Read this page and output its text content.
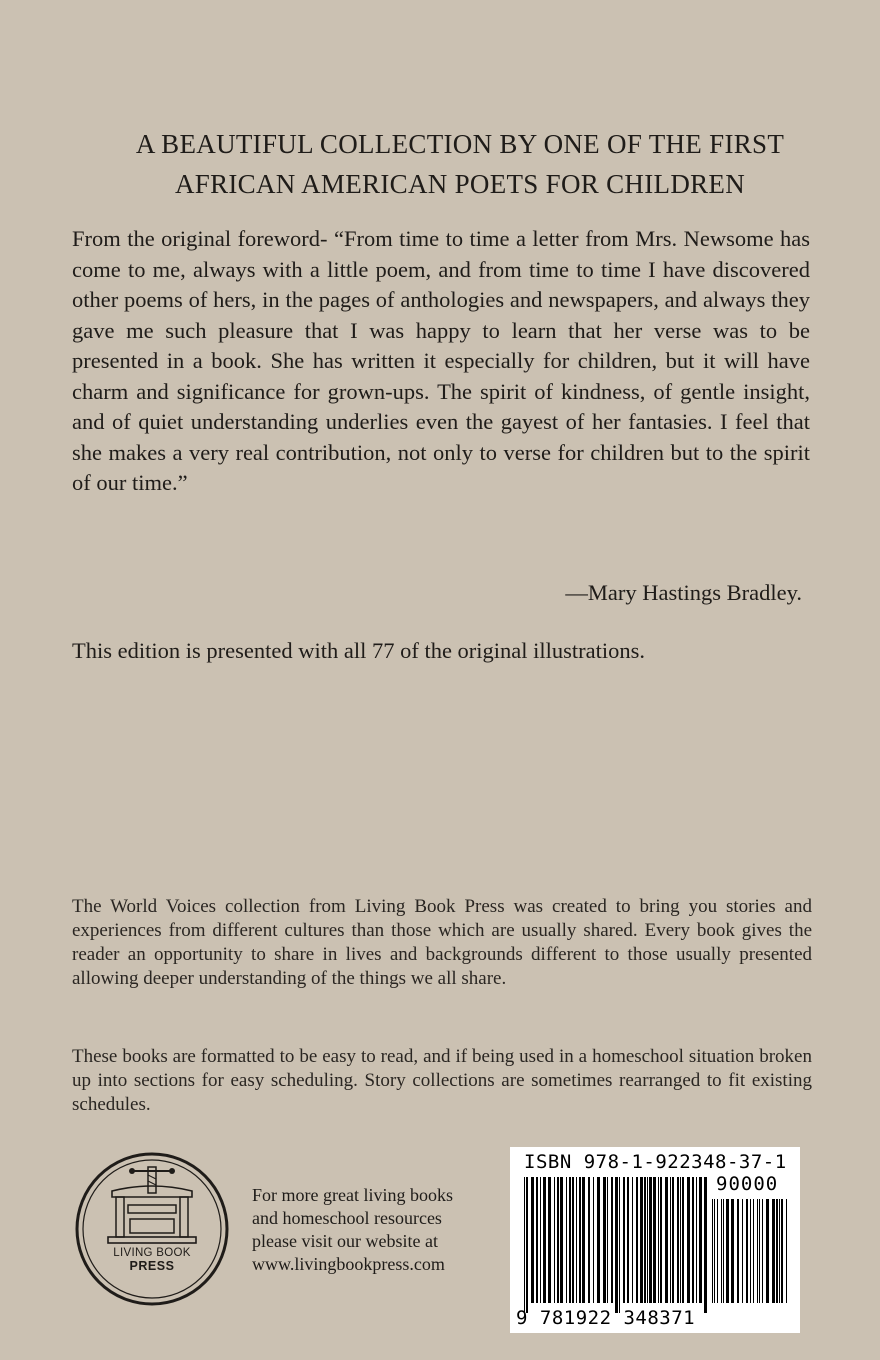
A BEAUTIFUL COLLECTION BY ONE OF THE FIRST
AFRICAN AMERICAN POETS FOR CHILDREN

From the original foreword- “From time to time a letter from Mrs. Newsome has come to me, always with a little poem, and from time to time I have discovered other poems of hers, in the pages of anthologies and newspapers, and always they gave me such pleasure that I was happy to learn that her verse was to be presented in a book. She has written it especially for children, but it will have charm and significance for grown-ups. The spirit of kindness, of gentle insight, and of quiet understanding underlies even the gayest of her fantasies. I feel that she makes a very real contribution, not only to verse for children but to the spirit of our time.”

—Mary Hastings Bradley.

This edition is presented with all 77 of the original illustrations.

The World Voices collection from Living Book Press was created to bring you stories and experiences from different cultures than those which are usually shared. Every book gives the reader an opportunity to share in lives and backgrounds different to those usually presented allowing deeper understanding of the things we all share.

These books are formatted to be easy to read, and if being used in a homeschool situation broken up into sections for easy scheduling. Story collections are sometimes rearranged to fit existing schedules.

LIVING BOOK
PRESS

For more great living books
and homeschool resources
please visit our website at
www.livingbookpress.com

ISBN 978-1-922348-37-1
90000
9 781922 348371
